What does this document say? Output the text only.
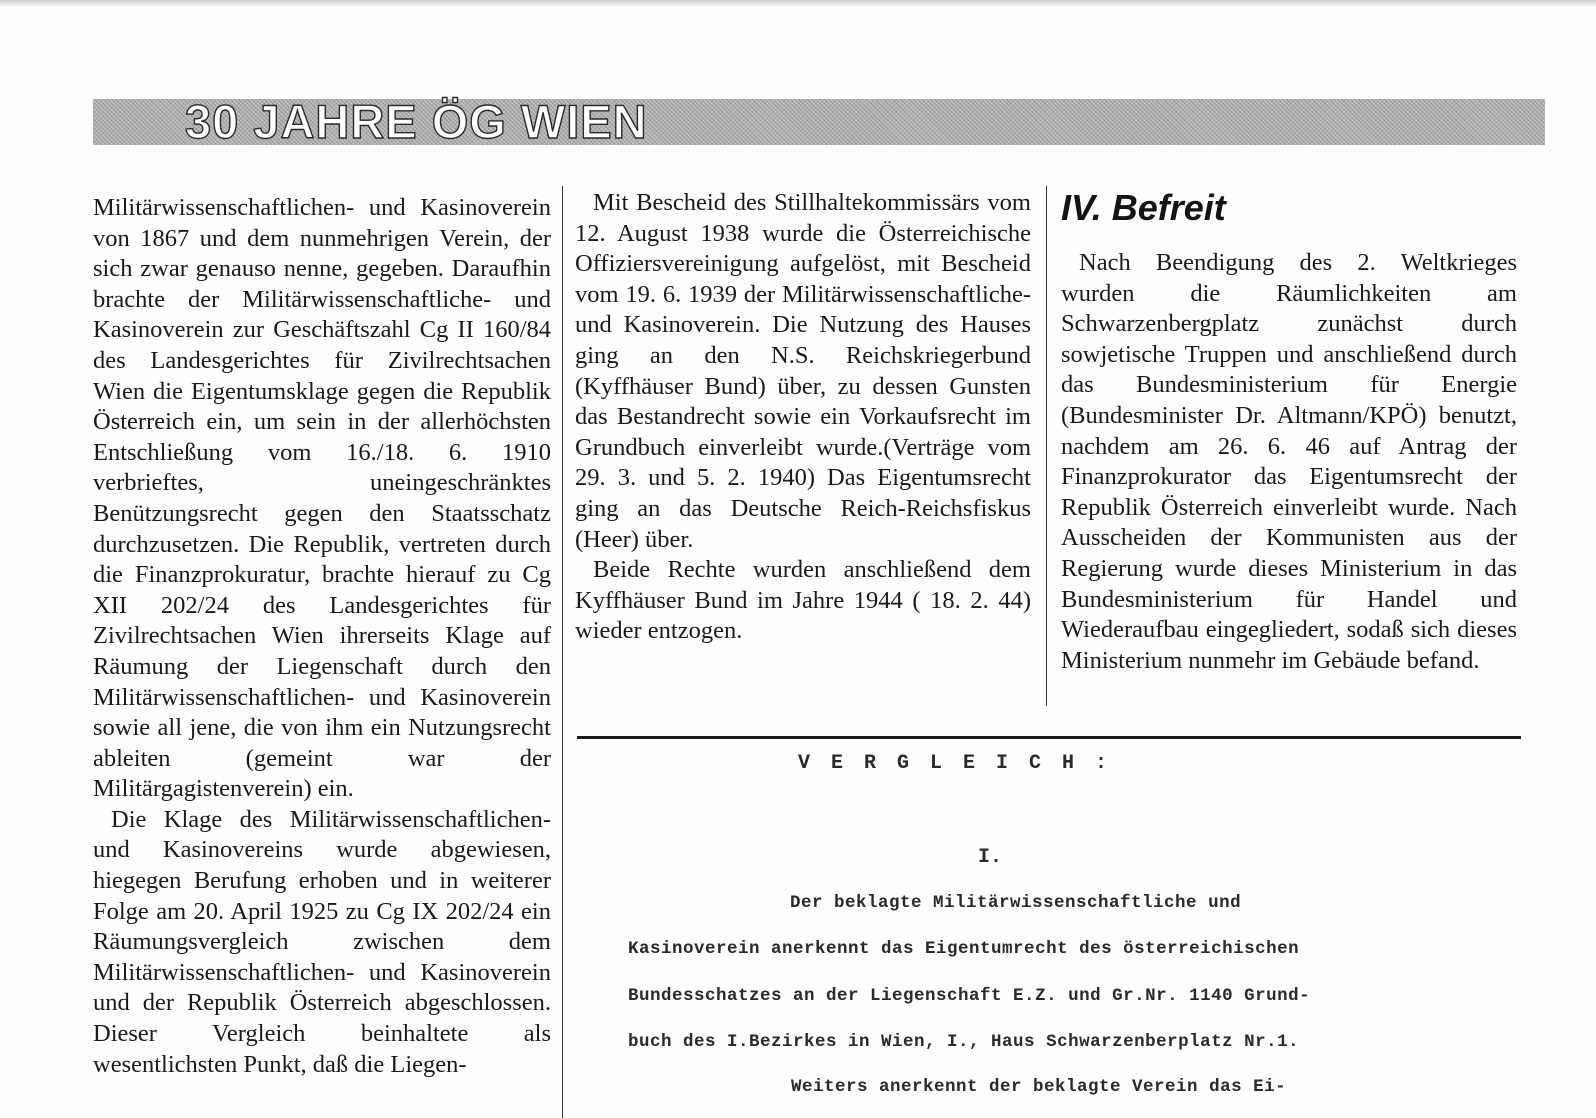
30 JAHRE ÖG WIEN

Militärwissenschaftlichen- und Kasinoverein von 1867 und dem nunmehrigen Verein, der sich zwar genauso nenne, gegeben. Daraufhin brachte der Militärwissenschaftliche- und Kasinoverein zur Geschäftszahl Cg II 160/84 des Landesgerichtes für Zivilrechtsachen Wien die Eigentumsklage gegen die Republik Österreich ein, um sein in der allerhöchsten Entschließung vom 16./18. 6. 1910 verbrieftes, uneingeschränktes Benützungsrecht gegen den Staatsschatz durchzusetzen. Die Republik, vertreten durch die Finanzprokuratur, brachte hierauf zu Cg XII 202/24 des Landesgerichtes für Zivilrechtsachen Wien ihrerseits Klage auf Räumung der Liegenschaft durch den Militärwissenschaftlichen- und Kasinoverein sowie all jene, die von ihm ein Nutzungsrecht ableiten (gemeint war der Militärgagistenverein) ein.

Die Klage des Militärwissenschaftlichen- und Kasinovereins wurde abgewiesen, hiegegen Berufung erhoben und in weiterer Folge am 20. April 1925 zu Cg IX 202/24 ein Räumungsvergleich zwischen dem Militärwissenschaftlichen- und Kasinoverein und der Republik Österreich abgeschlossen. Dieser Vergleich beinhaltete als wesentlichsten Punkt, daß die Liegen-

Mit Bescheid des Stillhaltekommissärs vom 12. August 1938 wurde die Österreichische Offiziersvereinigung aufgelöst, mit Bescheid vom 19. 6. 1939 der Militärwissenschaftliche- und Kasinoverein. Die Nutzung des Hauses ging an den N.S. Reichskriegerbund (Kyffhäuser Bund) über, zu dessen Gunsten das Bestandrecht sowie ein Vorkaufsrecht im Grundbuch einverleibt wurde.(Verträge vom 29. 3. und 5. 2. 1940) Das Eigentumsrecht ging an das Deutsche Reich-Reichsfiskus (Heer) über.

Beide Rechte wurden anschließend dem Kyffhäuser Bund im Jahre 1944 ( 18. 2. 44) wieder entzogen.

IV. Befreit

Nach Beendigung des 2. Weltkrieges wurden die Räumlichkeiten am Schwarzenbergplatz zunächst durch sowjetische Truppen und anschließend durch das Bundesministerium für Energie (Bundesminister Dr. Altmann/KPÖ) benutzt, nachdem am 26. 6. 46 auf Antrag der Finanzprokurator das Eigentumsrecht der Republik Österreich einverleibt wurde. Nach Ausscheiden der Kommunisten aus der Regierung wurde dieses Ministerium in das Bundesministerium für Handel und Wiederaufbau eingegliedert, sodaß sich dieses Ministerium nunmehr im Gebäude befand.

VERGLEICH:
I.
Der beklagte Militärwissenschaftliche und
Kasinoverein anerkennt das Eigentumrecht des österreichischen
Bundesschatzes an der Liegenschaft E.Z. und Gr.Nr. 1140 Grund-
buch des I.Bezirkes in Wien, I., Haus Schwarzenberplatz Nr.1.
Weiters anerkennt der beklagte Verein das Ei-
